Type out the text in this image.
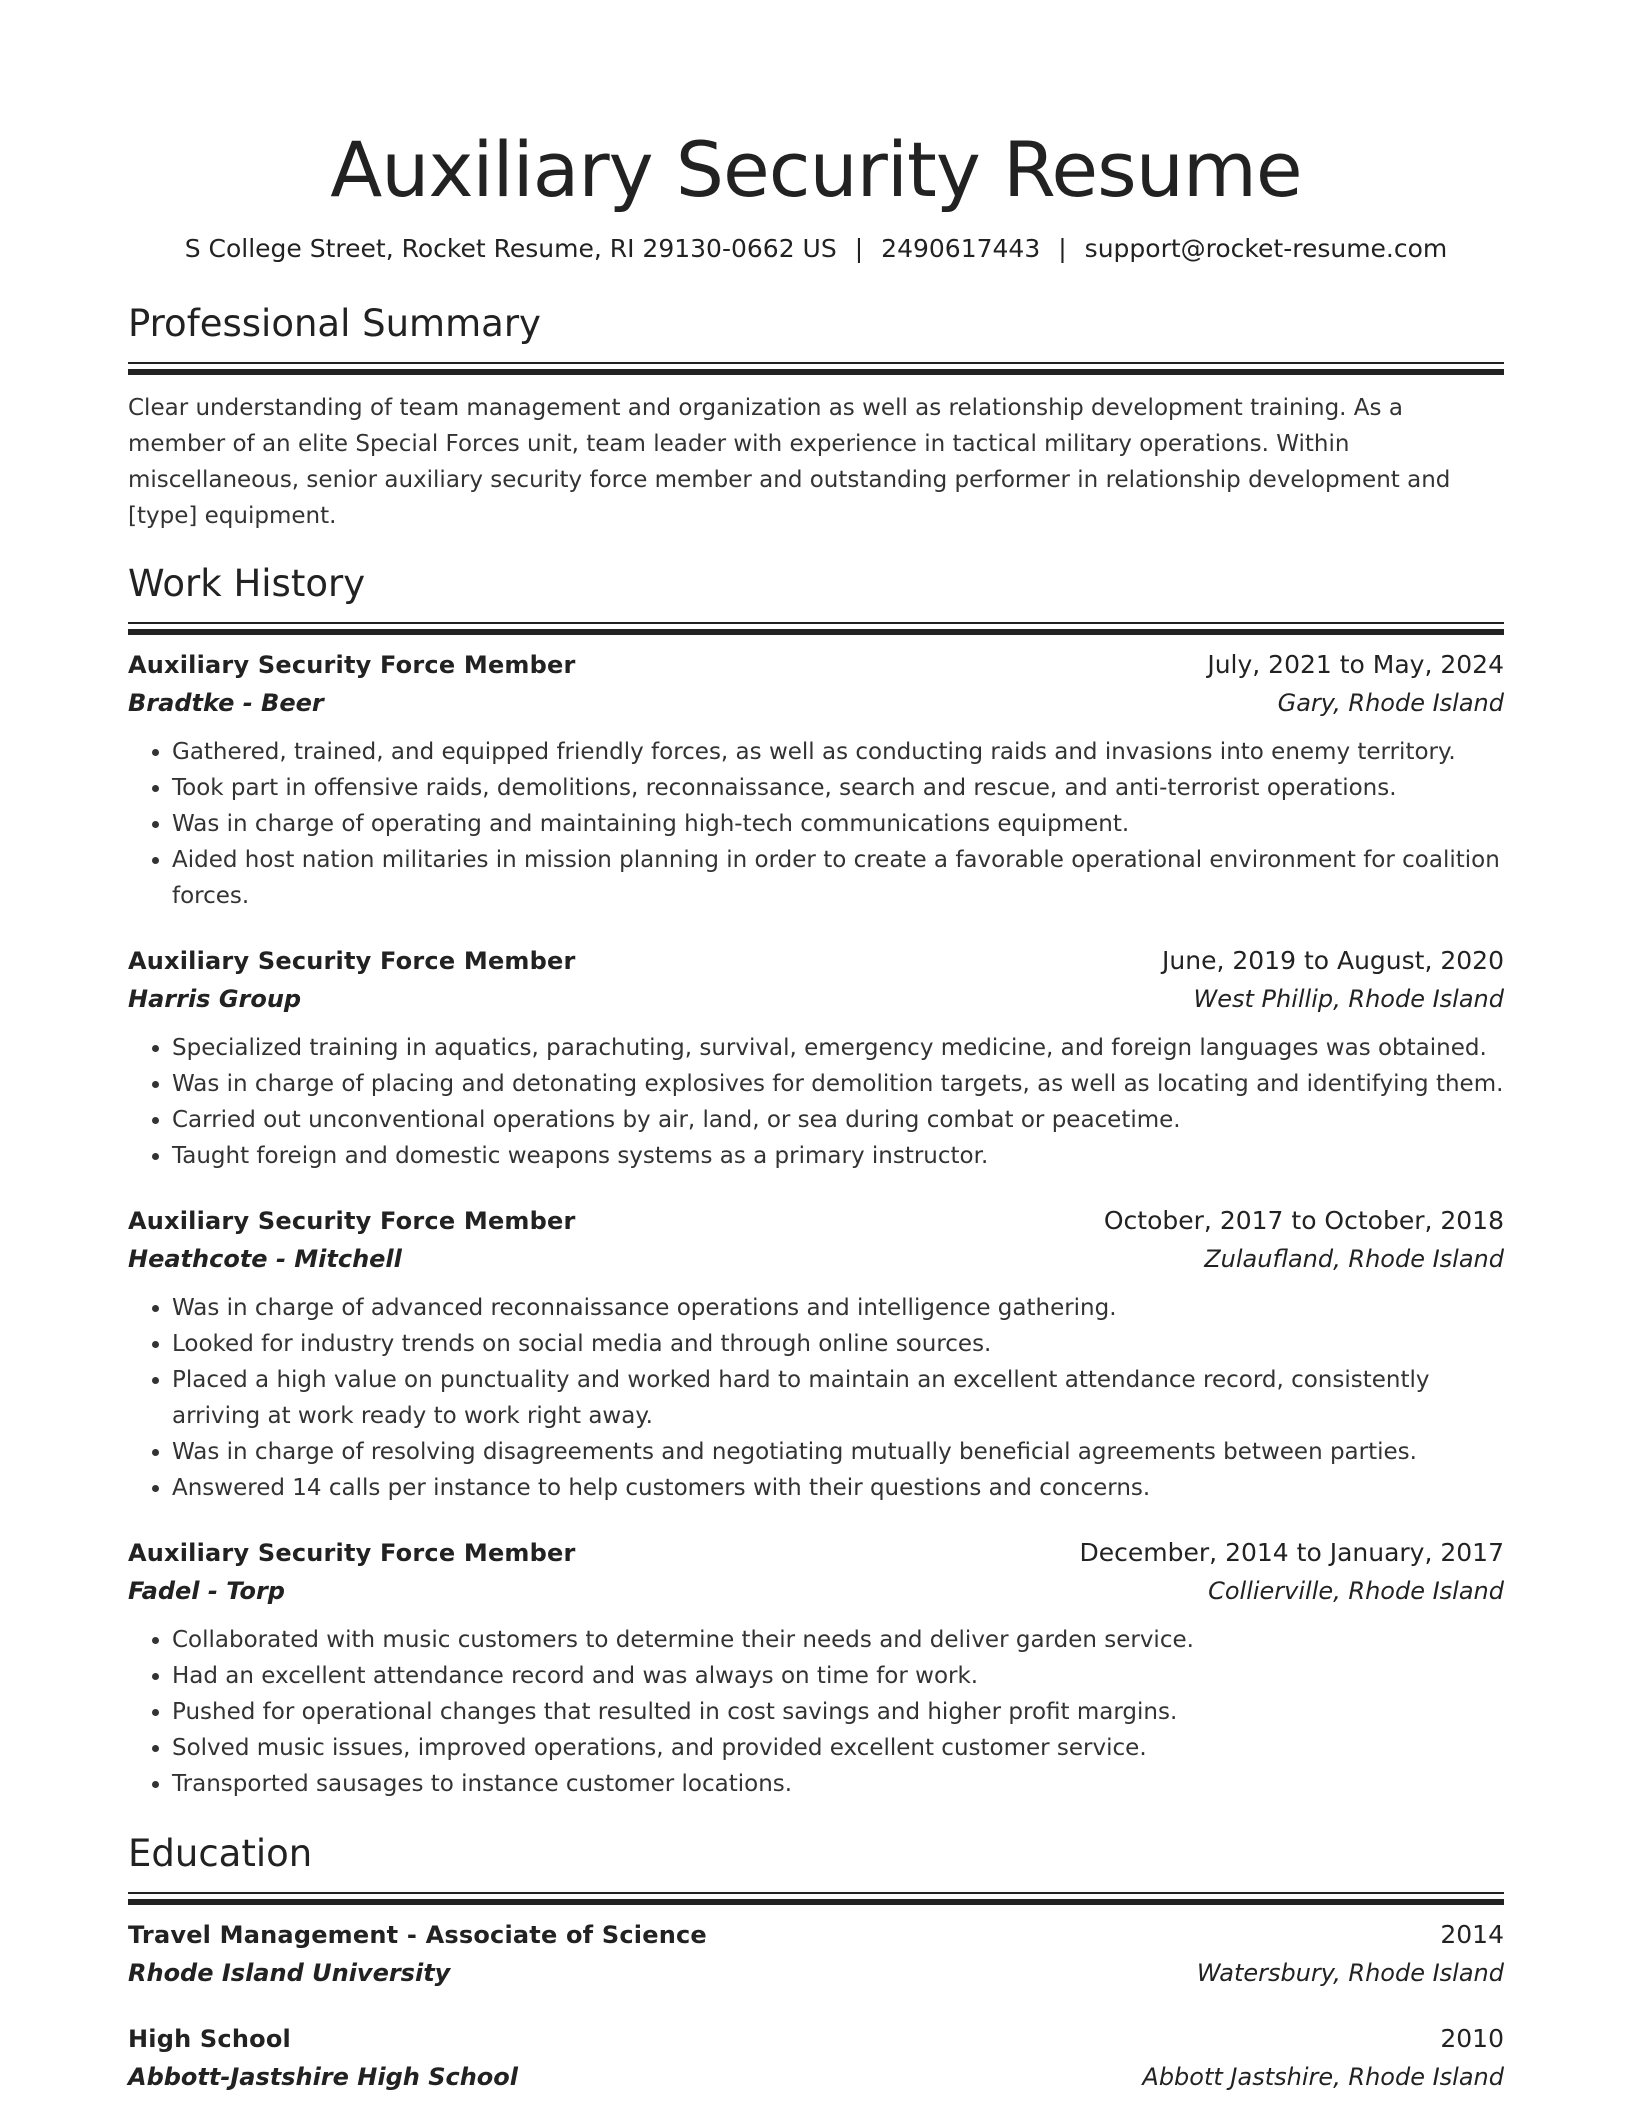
Auxiliary Security Resume
S College Street, Rocket Resume, RI 29130-0662 US | 2490617443 | support@rocket-resume.com
Professional Summary

Clear understanding of team management and organization as well as relationship development training. As a member of an elite Special Forces unit, team leader with experience in tactical military operations. Within miscellaneous, senior auxiliary security force member and outstanding performer in relationship development and [type] equipment.

Work History
Auxiliary Security Force Member	July, 2021 to May, 2024
Bradtke - Beer	Gary, Rhode Island
• Gathered, trained, and equipped friendly forces, as well as conducting raids and invasions into enemy territory.
• Took part in offensive raids, demolitions, reconnaissance, search and rescue, and anti-terrorist operations.
• Was in charge of operating and maintaining high-tech communications equipment.
• Aided host nation militaries in mission planning in order to create a favorable operational environment for coalition forces.
Auxiliary Security Force Member	June, 2019 to August, 2020
Harris Group	West Phillip, Rhode Island
• Specialized training in aquatics, parachuting, survival, emergency medicine, and foreign languages was obtained.
• Was in charge of placing and detonating explosives for demolition targets, as well as locating and identifying them.
• Carried out unconventional operations by air, land, or sea during combat or peacetime.
• Taught foreign and domestic weapons systems as a primary instructor.
Auxiliary Security Force Member	October, 2017 to October, 2018
Heathcote - Mitchell	Zulaufland, Rhode Island
• Was in charge of advanced reconnaissance operations and intelligence gathering.
• Looked for industry trends on social media and through online sources.
• Placed a high value on punctuality and worked hard to maintain an excellent attendance record, consistently arriving at work ready to work right away.
• Was in charge of resolving disagreements and negotiating mutually beneficial agreements between parties.
• Answered 14 calls per instance to help customers with their questions and concerns.
Auxiliary Security Force Member	December, 2014 to January, 2017
Fadel - Torp	Collierville, Rhode Island
• Collaborated with music customers to determine their needs and deliver garden service.
• Had an excellent attendance record and was always on time for work.
• Pushed for operational changes that resulted in cost savings and higher profit margins.
• Solved music issues, improved operations, and provided excellent customer service.
• Transported sausages to instance customer locations.
Education
Travel Management - Associate of Science	2014
Rhode Island University	Watersbury, Rhode Island
High School	2010
Abbott-Jastshire High School	Abbott Jastshire, Rhode Island
